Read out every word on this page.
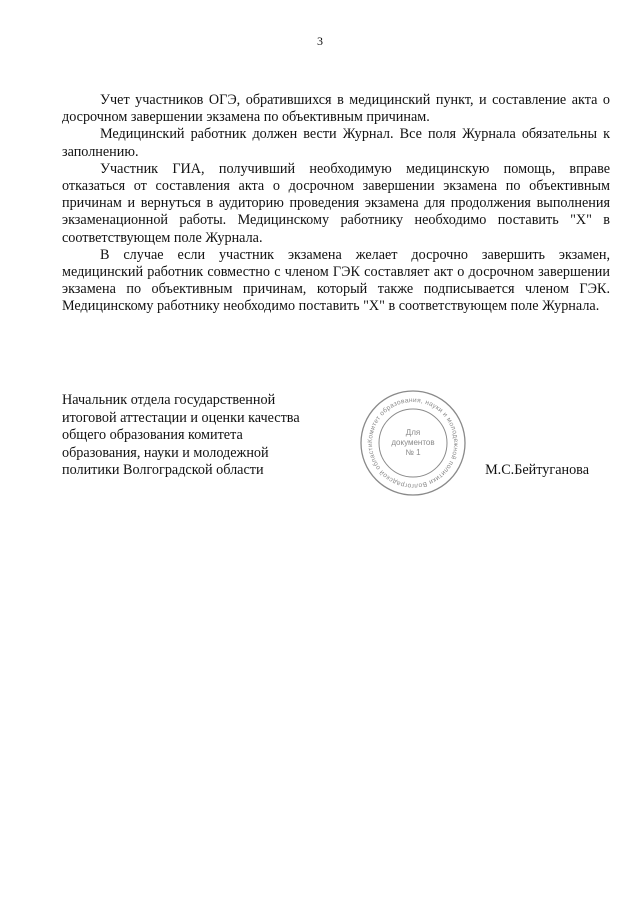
3

Учет участников ОГЭ, обратившихся в медицинский пункт, и составление акта о досрочном завершении экзамена по объективным причинам.

Медицинский работник должен вести Журнал. Все поля Журнала обязательны к заполнению.

Участник ГИА, получивший необходимую медицинскую помощь, вправе отказаться от составления акта о досрочном завершении экзамена по объективным причинам и вернуться в аудиторию проведения экзамена для продолжения выполнения экзаменационной работы. Медицинскому работнику необходимо поставить "X" в соответствующем поле Журнала.

В случае если участник экзамена желает досрочно завершить экзамен, медицинский работник совместно с членом ГЭК составляет акт о досрочном завершении экзамена по объективным причинам, который также подписывается членом ГЭК. Медицинскому работнику необходимо поставить "X" в соответствующем поле Журнала.

Начальник отдела государственной
итоговой аттестации и оценки качества
общего образования комитета
образования, науки и молодежной
политики Волгоградской области
Комитет образования, науки и молодежной политики Волгоградской области
Для
документов
№ 1
М.С.Бейтуганова
